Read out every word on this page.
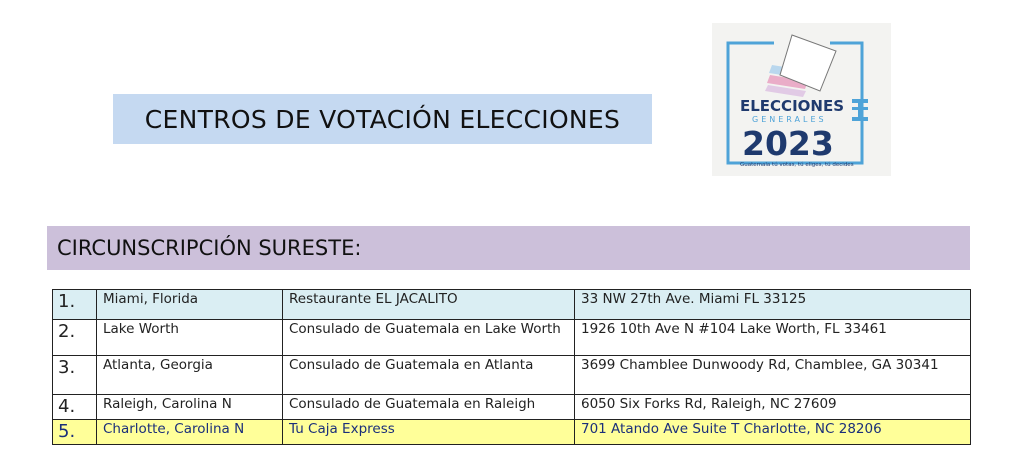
CENTROS DE VOTACIÓN ELECCIONES	ELECCIONES
GENERALES
2023
Guatemala tú votas, tú eliges, tú decides
CIRCUNSCRIPCIÓN SURESTE:
1.	Miami, Florida	Restaurante EL JACALITO	33 NW 27th Ave. Miami FL 33125
2.	Lake Worth	Consulado de Guatemala en Lake Worth	1926 10th Ave N #104 Lake Worth, FL 33461
3.	Atlanta, Georgia	Consulado de Guatemala en Atlanta	3699 Chamblee Dunwoody Rd, Chamblee, GA 30341
4.	Raleigh, Carolina N	Consulado de Guatemala en Raleigh	6050 Six Forks Rd, Raleigh, NC 27609
5.	Charlotte, Carolina N	Tu Caja Express	701 Atando Ave Suite T Charlotte, NC 28206
